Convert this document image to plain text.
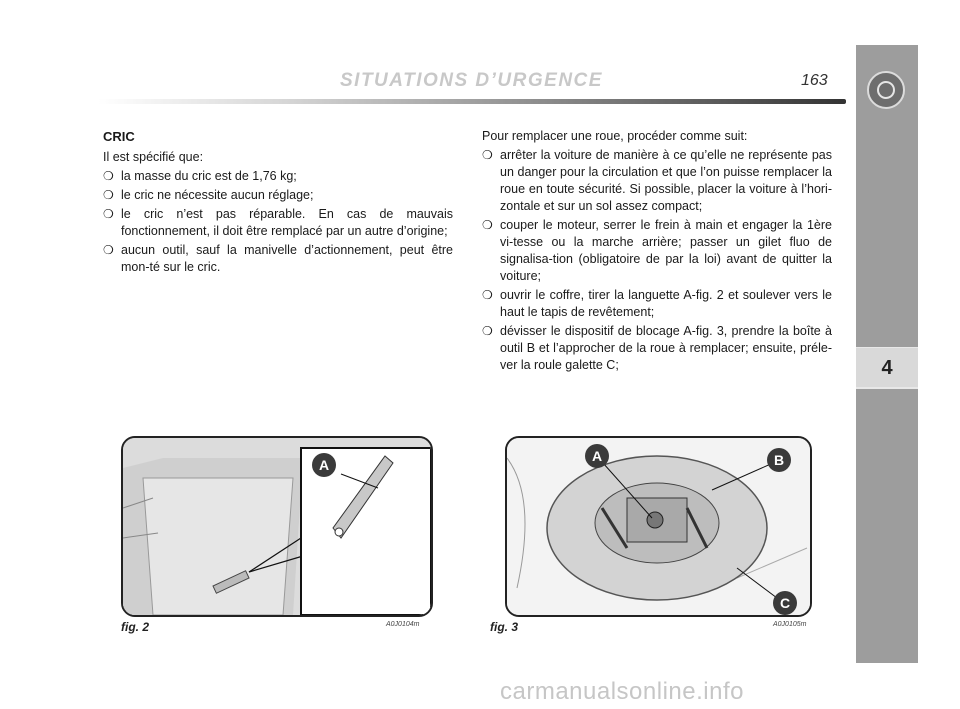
4
SITUATIONS D’URGENCE	163
CRIC
Il est spécifié que:
❍ la masse du cric est de 1,76 kg;
❍ le cric ne nécessite aucun réglage;
❍ le cric n’est pas réparable. En cas de mauvais fonctionnement, il doit être remplacé par un autre d’origine;
❍ aucun outil, sauf la manivelle d’actionnement, peut être mon-té sur le cric.
Pour remplacer une roue, procéder comme suit:
❍ arrêter la voiture de manière à ce qu’elle ne représente pas un danger pour la circulation et que l’on puisse remplacer la roue en toute sécurité. Si possible, placer la voiture à l’hori-zontale et sur un sol assez compact;
❍ couper le moteur, serrer le frein à main et engager la 1ère vi-tesse ou la marche arrière; passer un gilet fluo de signalisa-tion (obligatoire de par la loi) avant de quitter la voiture;
❍ ouvrir le coffre, tirer la languette A-fig. 2 et soulever vers le haut le tapis de revêtement;
❍ dévisser le dispositif de blocage A-fig. 3, prendre la boîte à outil B et l’approcher de la roue à remplacer; ensuite, préle-ver la roule galette C;
A
fig. 2	A0J0104m
A	B
C
fig. 3	A0J0105m
carmanualsonline.info
